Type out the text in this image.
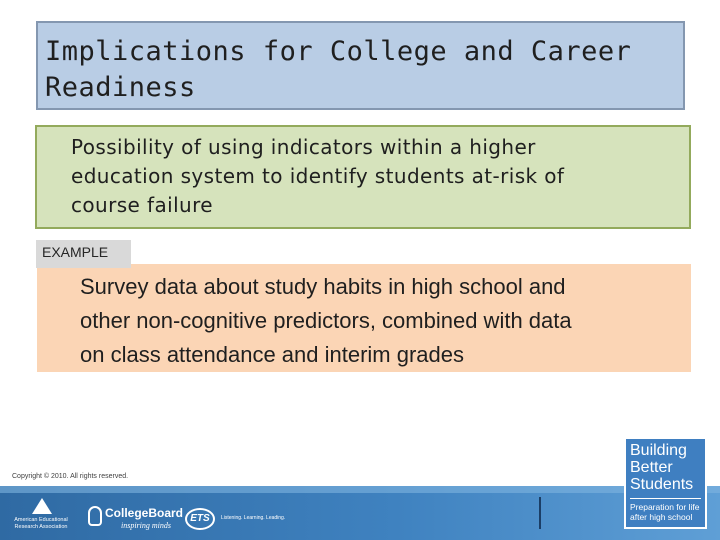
Implications for College and Career
Readiness
Possibility of using indicators within a higher
education system to identify students at-risk of
course failure
Survey data about study habits in high school and
other non-cognitive predictors, combined with data
on class attendance and interim grades
EXAMPLE
Copyright © 2010. All rights reserved.
American Educational
Research Association
CollegeBoard
inspiring minds
ETS	Listening. Learning. Leading.
Building
Better
Students
Preparation for life
after high school
